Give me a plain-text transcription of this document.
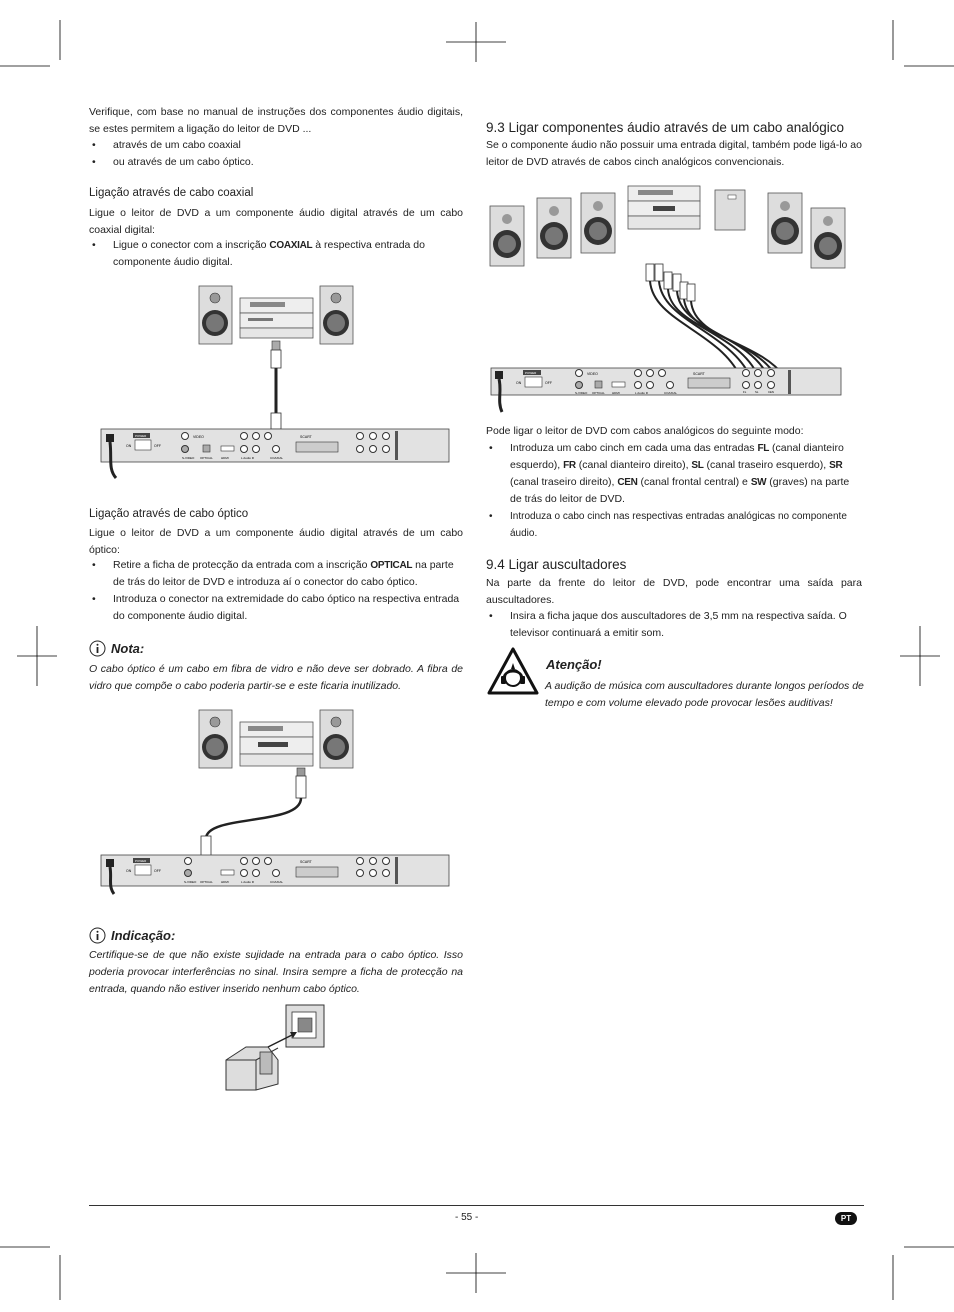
Verifique, com base no manual de instruções dos componentes áudio digitais, se estes permitem a ligação do leitor de DVD ...

• através de um cabo coaxial
• ou através de um cabo óptico.
Ligação através de cabo coaxial

Ligue o leitor de DVD a um componente áudio digital através de um cabo coaxial digital:

• Ligue o conector com a inscrição COAXIAL à respectiva entrada do componente áudio digital.
POWER
ON	OFF
VIDEO
S-VIDEO OPTICAL	HDMI	L Audio R	COAXIAL
SCART
Ligação através de cabo óptico

Ligue o leitor de DVD a um componente áudio digital através de um cabo óptico:

• Retire a ficha de protecção da entrada com a inscrição OPTICAL na parte de trás do leitor de DVD e introduza aí o conector do cabo óptico.
• Introduza o conector na extremidade do cabo óptico na respectiva entrada do componente áudio digital.
Nota:

O cabo óptico é um cabo em fibra de vidro e não deve ser dobrado. A fibra de vidro que compõe o cabo poderia partir-se e este ficaria inutilizado.

POWER
ON	OFF
S-VIDEO OPTICAL	HDMI	L Audio R	COAXIAL
SCART
Indicação:

Certifique-se de que não existe sujidade na entrada para o cabo óptico. Isso poderia provocar interferências no sinal. Insira sempre a ficha de protecção na entrada, quando não estiver inserido nenhum cabo óptico.

9.3 Ligar componentes áudio através de um cabo analógico

Se o componente áudio não possuir uma entrada digital, também pode ligá-lo ao leitor de DVD através de cabos cinch analógicos convencionais.

POWER
ON	OFF
VIDEO
S-VIDEO OPTICAL HDMI	L Audio R	COAXIAL
SCART
FL	SL	CEN

Pode ligar o leitor de DVD com cabos analógicos do seguinte modo:

• Introduza um cabo cinch em cada uma das entradas FL (canal dianteiro esquerdo), FR (canal dianteiro direito), SL (canal traseiro esquerdo), SR (canal traseiro direito), CEN (canal frontal central) e SW (graves) na parte de trás do leitor de DVD.
• Introduza o cabo cinch nas respectivas entradas analógicas no componente áudio.
9.4 Ligar auscultadores

Na parte da frente do leitor de DVD, pode encontrar uma saída para auscultadores.

• Insira a ficha jaque dos auscultadores de 3,5 mm na respectiva saída. O televisor continuará a emitir som.
Atenção!

A audição de música com auscultadores durante longos períodos de tempo e com volume elevado pode provocar lesões auditivas!

- 55 -	PT
